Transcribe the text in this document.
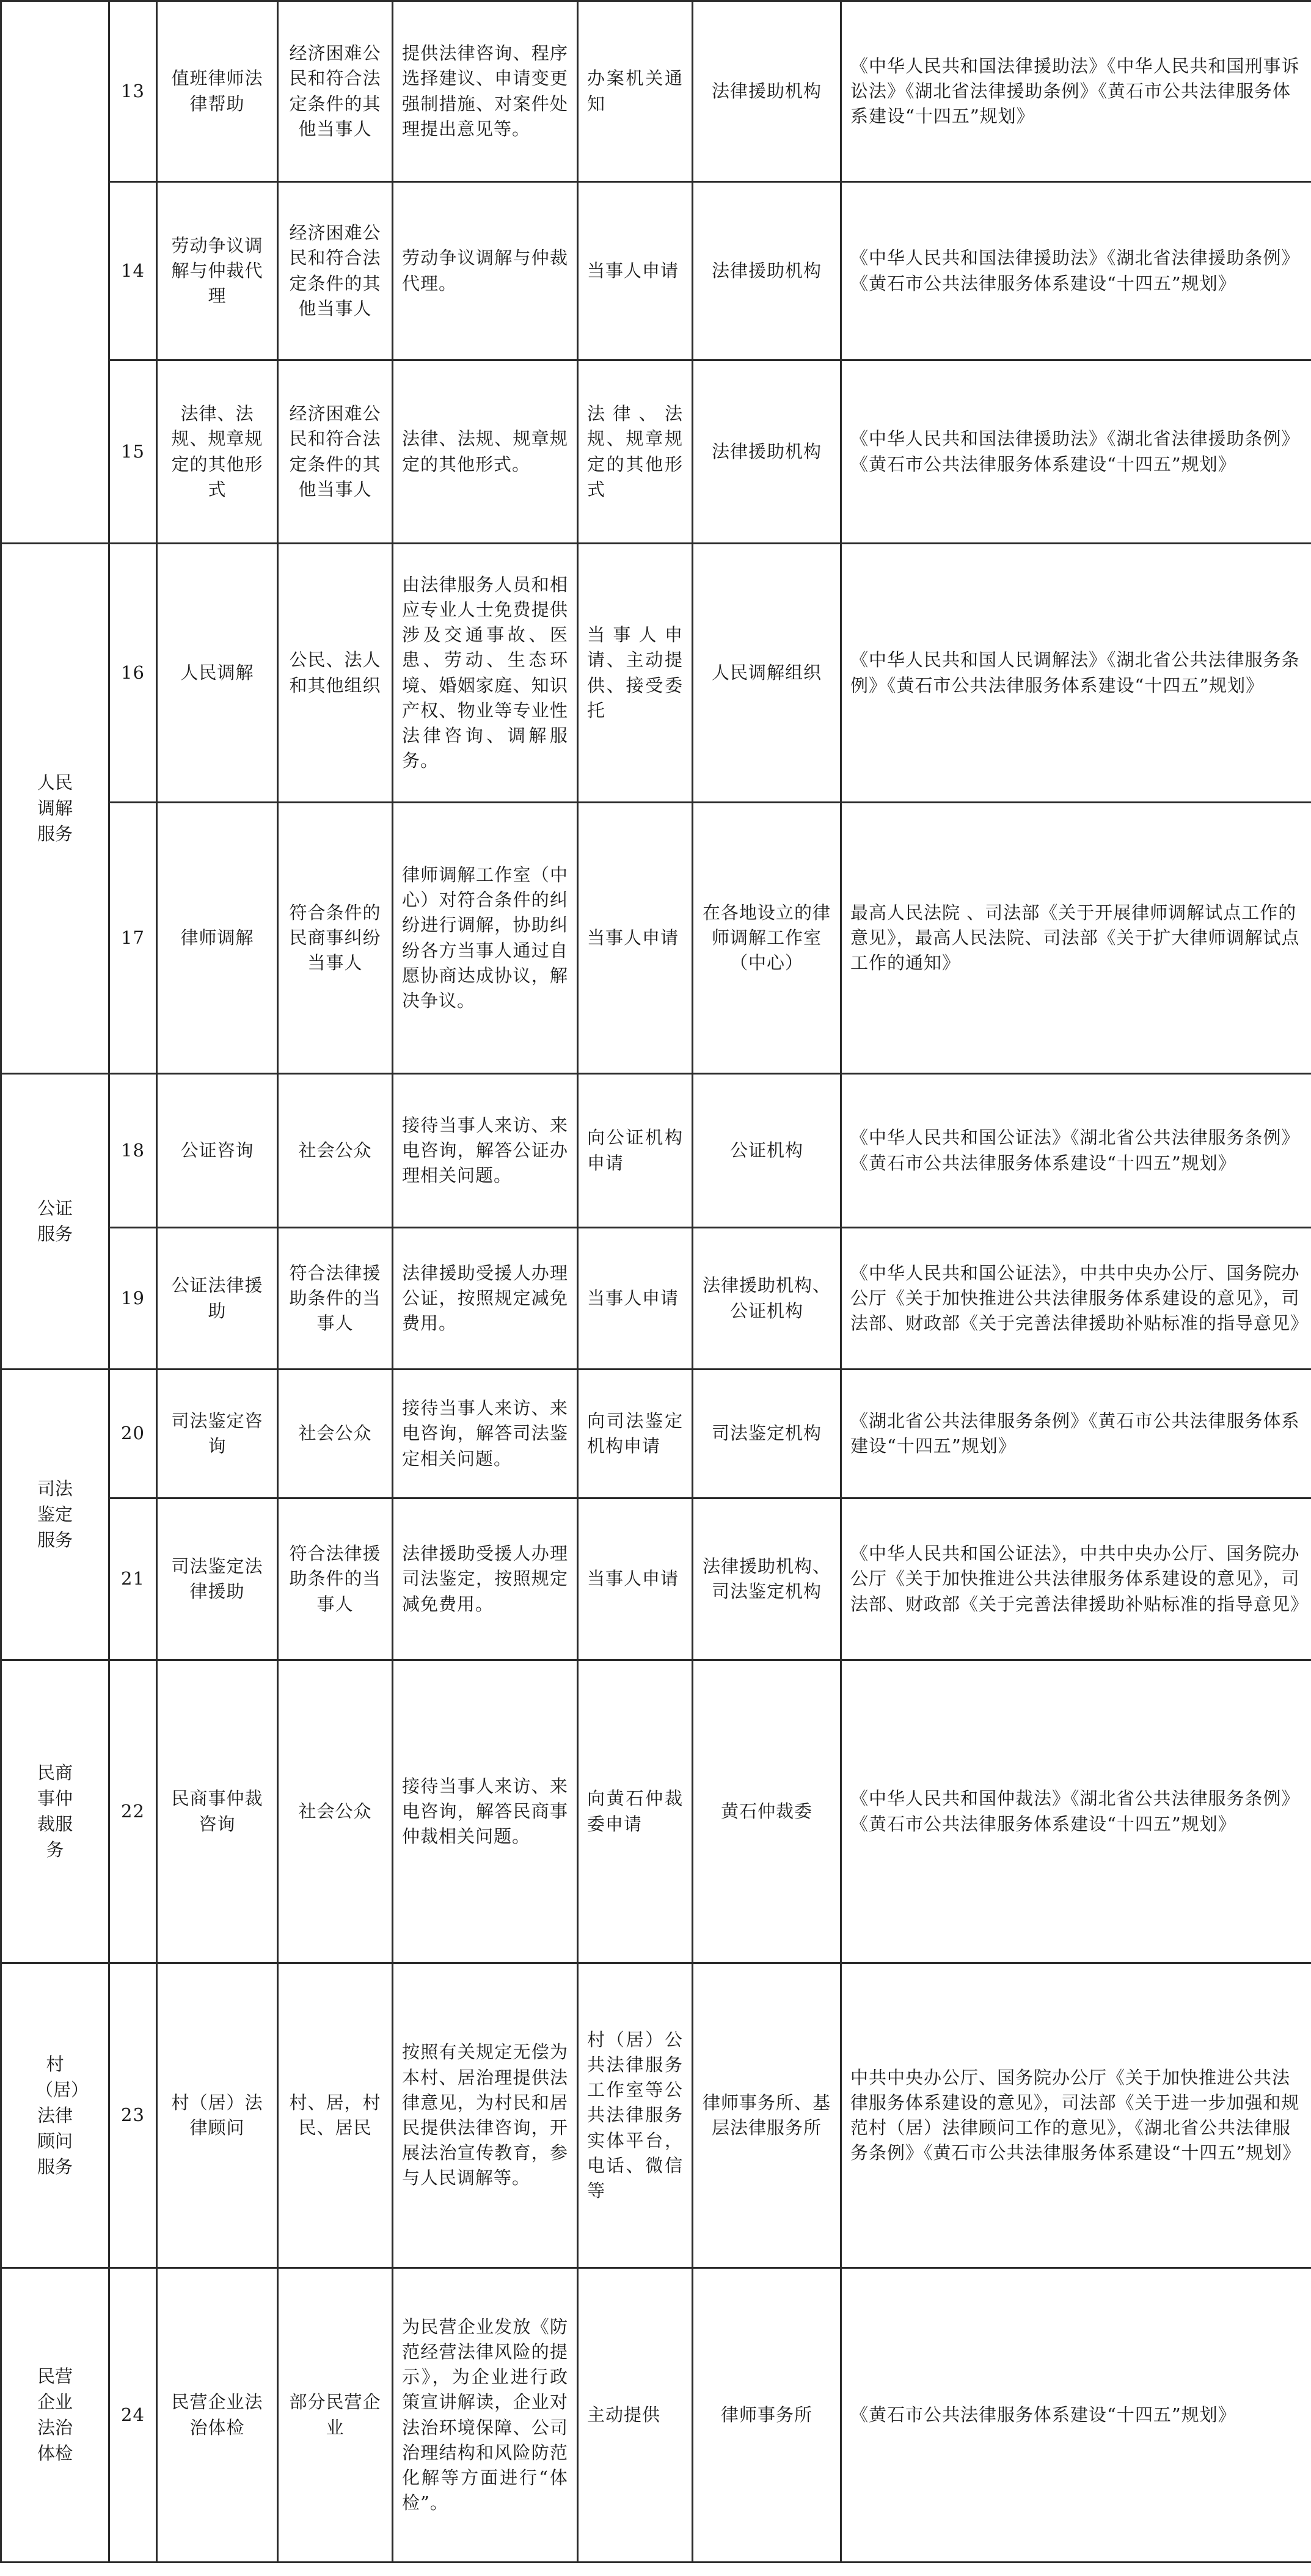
	13	值班律师法律帮助	经济困难公民和符合法定条件的其他当事人	提供法律咨询、程序选择建议、申请变更强制措施、对案件处理提出意见等。	办案机关通知	法律援助机构	《中华人民共和国法律援助法》《中华人民共和国刑事诉讼法》《湖北省法律援助条例》《黄石市公共法律服务体系建设“十四五”规划》
	14	劳动争议调解与仲裁代理	经济困难公民和符合法定条件的其他当事人	劳动争议调解与仲裁代理。	当事人申请	法律援助机构	《中华人民共和国法律援助法》《湖北省法律援助条例》《黄石市公共法律服务体系建设“十四五”规划》
	15	法律、法规、规章规定的其他形式	经济困难公民和符合法定条件的其他当事人	法律、法规、规章规定的其他形式。	法律、法规、规章规定的其他形式	法律援助机构	《中华人民共和国法律援助法》《湖北省法律援助条例》《黄石市公共法律服务体系建设“十四五”规划》
人民调解服务	16	人民调解	公民、法人和其他组织	由法律服务人员和相应专业人士免费提供涉及交通事故、医患、劳动、生态环境、婚姻家庭、知识产权、物业等专业性法律咨询、调解服务。	当事人申请、主动提供、接受委托	人民调解组织	《中华人民共和国人民调解法》《湖北省公共法律服务条例》《黄石市公共法律服务体系建设“十四五”规划》
	17	律师调解	符合条件的民商事纠纷当事人	律师调解工作室（中心）对符合条件的纠纷进行调解，协助纠纷各方当事人通过自愿协商达成协议，解决争议。	当事人申请	在各地设立的律师调解工作室（中心）	最高人民法院 、司法部《关于开展律师调解试点工作的意见》，最高人民法院、司法部《关于扩大律师调解试点工作的通知》
公证服务	18	公证咨询	社会公众	接待当事人来访、来电咨询，解答公证办理相关问题。	向公证机构申请	公证机构	《中华人民共和国公证法》《湖北省公共法律服务条例》《黄石市公共法律服务体系建设“十四五”规划》
	19	公证法律援助	符合法律援助条件的当事人	法律援助受援人办理公证，按照规定减免费用。	当事人申请	法律援助机构、公证机构	《中华人民共和国公证法》，中共中央办公厅、国务院办公厅《关于加快推进公共法律服务体系建设的意见》，司法部、财政部《关于完善法律援助补贴标准的指导意见》
司法鉴定服务	20	司法鉴定咨询	社会公众	接待当事人来访、来电咨询，解答司法鉴定相关问题。	向司法鉴定机构申请	司法鉴定机构	《湖北省公共法律服务条例》《黄石市公共法律服务体系建设“十四五”规划》
	21	司法鉴定法律援助	符合法律援助条件的当事人	法律援助受援人办理司法鉴定，按照规定减免费用。	当事人申请	法律援助机构、司法鉴定机构	《中华人民共和国公证法》，中共中央办公厅、国务院办公厅《关于加快推进公共法律服务体系建设的意见》，司法部、财政部《关于完善法律援助补贴标准的指导意见》
民商事仲裁服务	22	民商事仲裁咨询	社会公众	接待当事人来访、来电咨询，解答民商事仲裁相关问题。	向黄石仲裁委申请	黄石仲裁委	《中华人民共和国仲裁法》《湖北省公共法律服务条例》《黄石市公共法律服务体系建设“十四五”规划》
村（居）法律顾问服务	23	村（居）法律顾问	村、居，村民、居民	按照有关规定无偿为本村、居治理提供法律意见，为村民和居民提供法律咨询，开展法治宣传教育，参与人民调解等。	村（居）公共法律服务工作室等公共法律服务实体平台，电话、微信等	律师事务所、基层法律服务所	中共中央办公厅、国务院办公厅《关于加快推进公共法律服务体系建设的意见》，司法部《关于进一步加强和规范村（居）法律顾问工作的意见》，《湖北省公共法律服务条例》《黄石市公共法律服务体系建设“十四五”规划》
民营企业法治体检	24	民营企业法治体检	部分民营企业	为民营企业发放《防范经营法律风险的提示》，为企业进行政策宣讲解读，企业对法治环境保障、公司治理结构和风险防范化解等方面进行“体检”。	主动提供	律师事务所	《黄石市公共法律服务体系建设“十四五”规划》
